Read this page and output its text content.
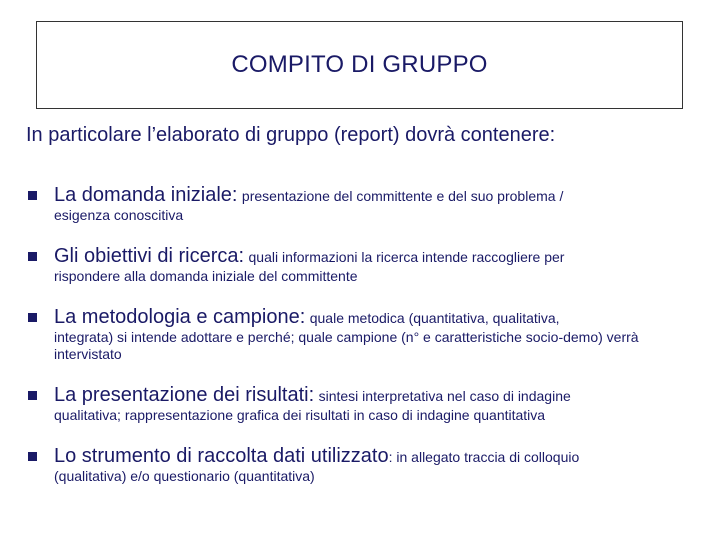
COMPITO DI GRUPPO
In particolare l’elaborato di gruppo (report) dovrà contenere:
La domanda iniziale: presentazione del committente e del suo problema /
esigenza conoscitiva
Gli obiettivi di ricerca: quali informazioni la ricerca intende raccogliere per
rispondere alla domanda iniziale del committente
La metodologia e campione: quale metodica (quantitativa, qualitativa,
integrata) si intende adottare e perché; quale campione (n° e caratteristiche socio-demo) verrà intervistato
La presentazione dei risultati: sintesi interpretativa nel caso di indagine
qualitativa; rappresentazione grafica dei risultati in caso di indagine quantitativa
Lo strumento di raccolta dati utilizzato: in allegato traccia di colloquio
(qualitativa) e/o questionario (quantitativa)
